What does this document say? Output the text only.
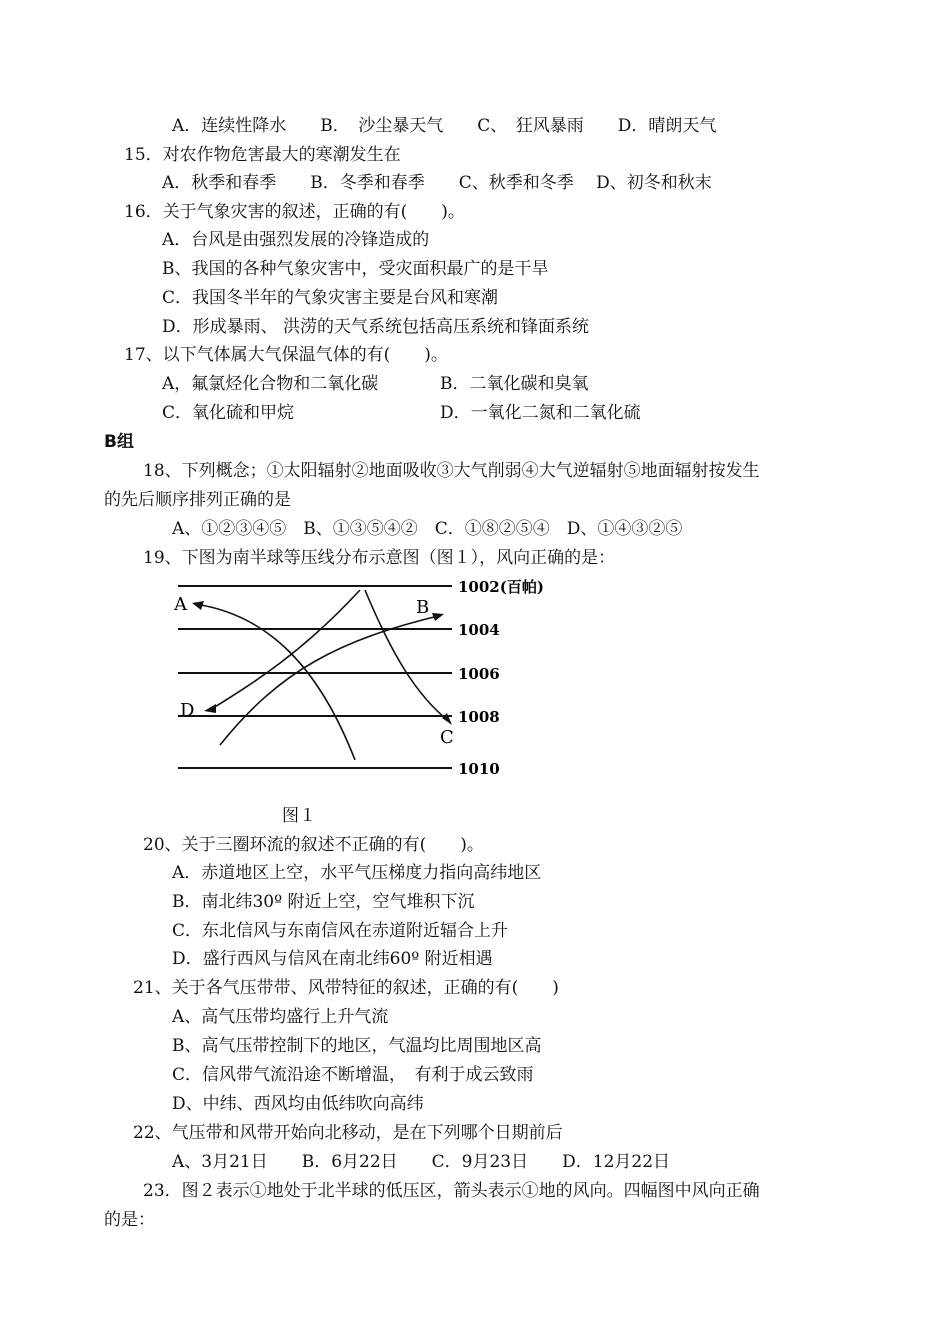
A．连续性降水　　B．　沙尘暴天气　　C、　狂风暴雨　　D．晴朗天气
15．对农作物危害最大的寒潮发生在
A．秋季和春季　　B．冬季和春季　　C、秋季和冬季　 D、初冬和秋末
16．关于气象灾害的叙述，正确的有(　　)。
A．台风是由强烈发展的冷锋造成的
B、我国的各种气象灾害中，受灾面积最广的是干旱
C．我国冬半年的气象灾害主要是台风和寒潮
D．形成暴雨、 洪涝的天气系统包括高压系统和锋面系统
17、以下气体属大气保温气体的有(　　)。
A，氟氯烃化合物和二氧化碳	B．二氧化碳和臭氧
C．氧化硫和甲烷	D．一氧化二氮和二氧化硫
B组
18、下列概念；①太阳辐射②地面吸收③大气削弱④大气逆辐射⑤地面辐射按发生
的先后顺序排列正确的是
A、①②③④⑤　B、①③⑤④②　C．①⑧②⑤④　D、①④③②⑤
19、下图为南半球等压线分布示意图（图１），风向正确的是：
1002(百帕)
1004
1006
1008
1010
A	B
C
D
图１
20、关于三圈环流的叙述不正确的有(　　)。
A．赤道地区上空，水平气压梯度力指向高纬地区
B．南北纬30º 附近上空，空气堆积下沉
C．东北信风与东南信风在赤道附近辐合上升
D．盛行西风与信风在南北纬60º 附近相遇
21、关于各气压带带、风带特征的叙述，正确的有(　　)
A、高气压带均盛行上升气流
B、高气压带控制下的地区，气温均比周围地区高
C．信风带气流沿途不断增温，　有利于成云致雨
D、中纬、西风均由低纬吹向高纬
22、气压带和风带开始向北移动，是在下列哪个日期前后
A、3月21日　　B．6月22日　　C．9月23日　　D．12月22日
23．图２表示①地处于北半球的低压区，箭头表示①地的风向。四幅图中风向正确
的是：
